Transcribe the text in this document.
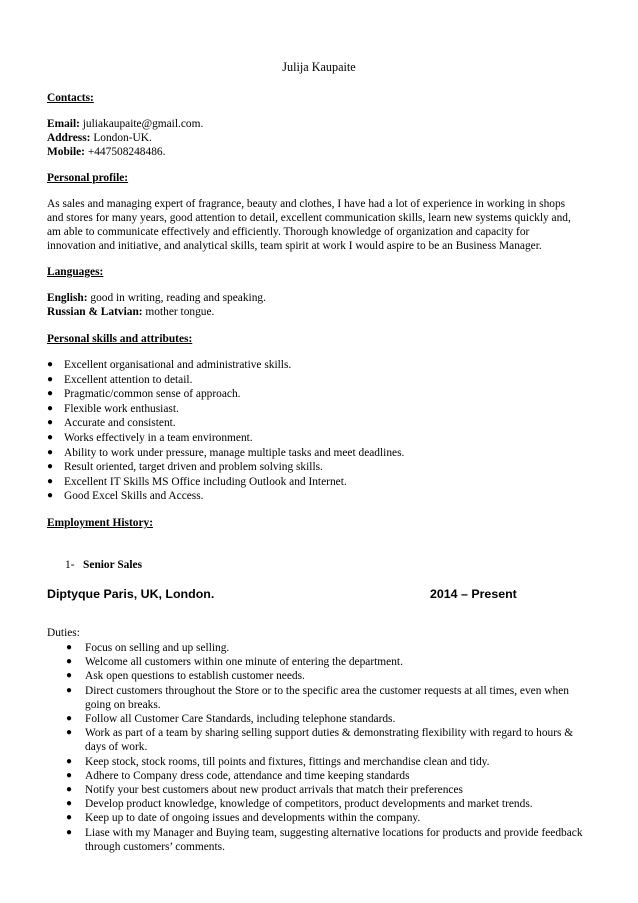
Julija Kaupaite
Contacts:
Email: juliakaupaite@gmail.com.
Address: London-UK.
Mobile: +447508248486.
Personal profile:
As sales and managing expert of fragrance, beauty and clothes, I have had a lot of experience in working in shops
and stores for many years, good attention to detail, excellent communication skills, learn new systems quickly and,
am able to communicate effectively and efficiently. Thorough knowledge of organization and capacity for
innovation and initiative, and analytical skills, team spirit at work I would aspire to be an Business Manager.
Languages:
English: good in writing, reading and speaking.
Russian & Latvian: mother tongue.
Personal skills and attributes:
● Excellent organisational and administrative skills.
● Excellent attention to detail.
● Pragmatic/common sense of approach.
● Flexible work enthusiast.
● Accurate and consistent.
● Works effectively in a team environment.
● Ability to work under pressure, manage multiple tasks and meet deadlines.
● Result oriented, target driven and problem solving skills.
● Excellent IT Skills MS Office including Outlook and Internet.
● Good Excel Skills and Access.
Employment History:
1- Senior Sales
Diptyque Paris, UK, London.	2014 – Present
Duties:
● Focus on selling and up selling.
● Welcome all customers within one minute of entering the department.
● Ask open questions to establish customer needs.
● Direct customers throughout the Store or to the specific area the customer requests at all times, even when going on breaks.
● Follow all Customer Care Standards, including telephone standards.
● Work as part of a team by sharing selling support duties & demonstrating flexibility with regard to hours & days of work.
● Keep stock, stock rooms, till points and fixtures, fittings and merchandise clean and tidy.
● Adhere to Company dress code, attendance and time keeping standards
● Notify your best customers about new product arrivals that match their preferences
● Develop product knowledge, knowledge of competitors, product developments and market trends.
● Keep up to date of ongoing issues and developments within the company.
● Liase with my Manager and Buying team, suggesting alternative locations for products and provide feedback through customers’ comments.
